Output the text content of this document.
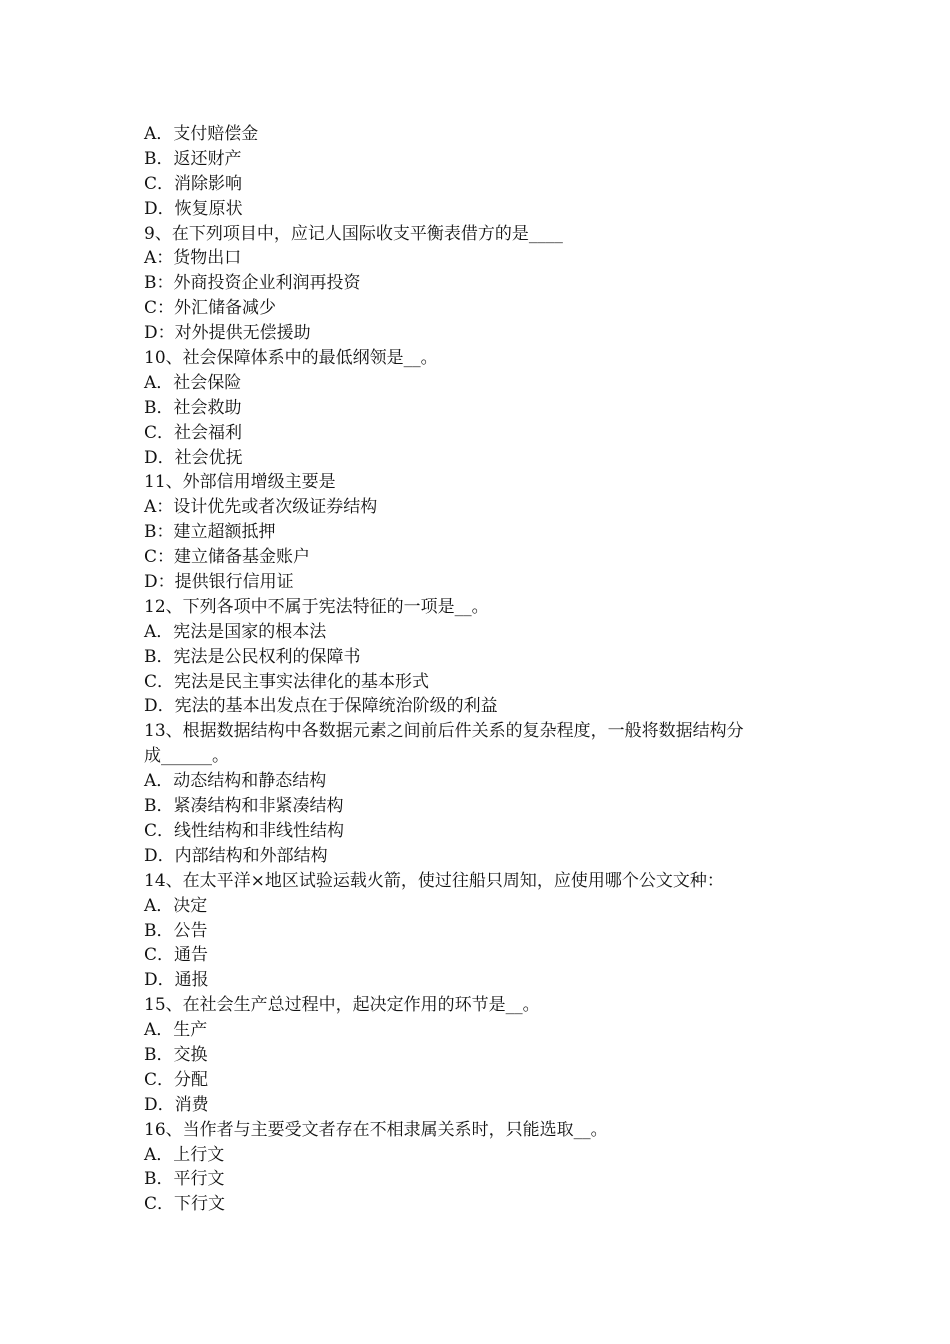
A．支付赔偿金
B．返还财产
C．消除影响
D．恢复原状
9、在下列项目中，应记人国际收支平衡表借方的是____
A：货物出口
B：外商投资企业利润再投资
C：外汇储备减少
D：对外提供无偿援助
10、社会保障体系中的最低纲领是__。
A．社会保险
B．社会救助
C．社会福利
D．社会优抚
11、外部信用增级主要是
A：设计优先或者次级证券结构
B：建立超额抵押
C：建立储备基金账户
D：提供银行信用证
12、下列各项中不属于宪法特征的一项是__。
A．宪法是国家的根本法
B．宪法是公民权利的保障书
C．宪法是民主事实法律化的基本形式
D．宪法的基本出发点在于保障统治阶级的利益
13、根据数据结构中各数据元素之间前后件关系的复杂程度，一般将数据结构分
成______。
A．动态结构和静态结构
B．紧凑结构和非紧凑结构
C．线性结构和非线性结构
D．内部结构和外部结构
14、在太平洋×地区试验运载火箭，使过往船只周知，应使用哪个公文文种：
A．决定
B．公告
C．通告
D．通报
15、在社会生产总过程中，起决定作用的环节是__。
A．生产
B．交换
C．分配
D．消费
16、当作者与主要受文者存在不相隶属关系时，只能选取__。
A．上行文
B．平行文
C．下行文
